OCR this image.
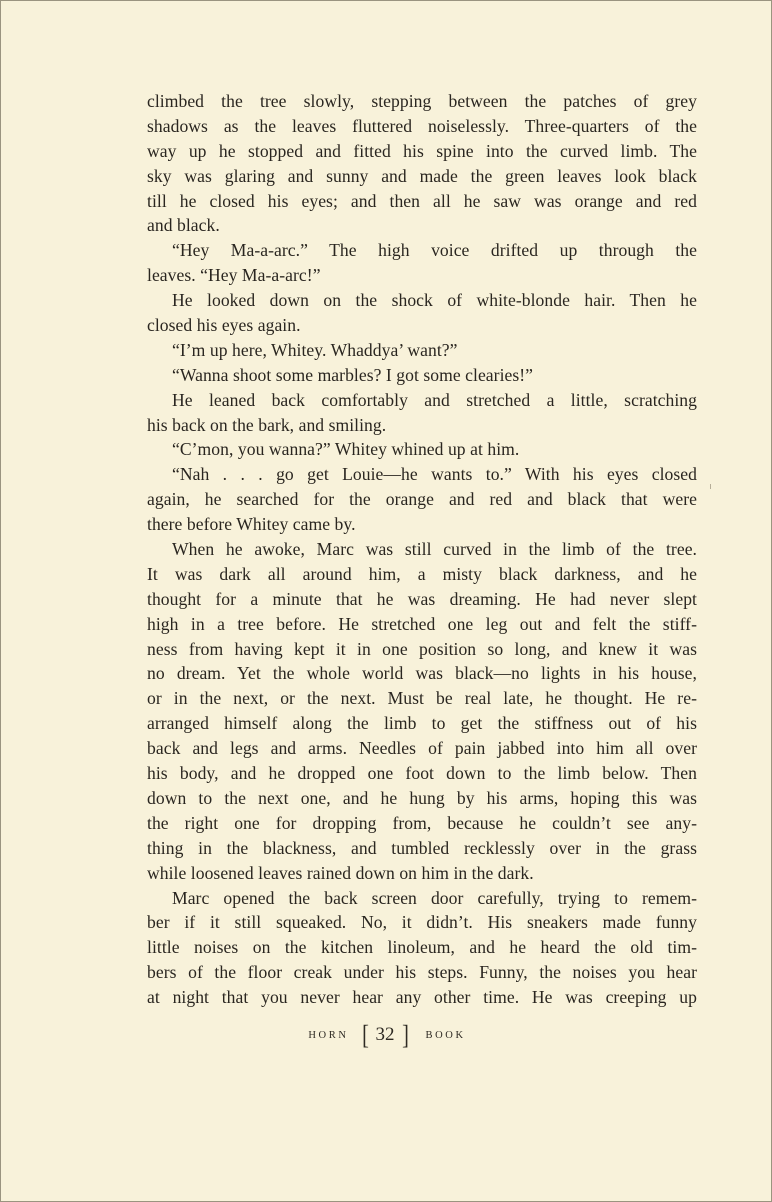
climbed the tree slowly, stepping between the patches of grey
shadows as the leaves fluttered noiselessly. Three-quarters of the
way up he stopped and fitted his spine into the curved limb. The
sky was glaring and sunny and made the green leaves look black
till he closed his eyes; and then all he saw was orange and red
and black.
“Hey Ma-a-arc.” The high voice drifted up through the
leaves. “Hey Ma-a-arc!”
He looked down on the shock of white-blonde hair. Then he
closed his eyes again.
“I’m up here, Whitey. Whaddya’ want?”
“Wanna shoot some marbles? I got some clearies!”
He leaned back comfortably and stretched a little, scratching
his back on the bark, and smiling.
“C’mon, you wanna?” Whitey whined up at him.
“Nah . . . go get Louie—he wants to.” With his eyes closed
again, he searched for the orange and red and black that were
there before Whitey came by.
When he awoke, Marc was still curved in the limb of the tree.
It was dark all around him, a misty black darkness, and he
thought for a minute that he was dreaming. He had never slept
high in a tree before. He stretched one leg out and felt the stiff-
ness from having kept it in one position so long, and knew it was
no dream. Yet the whole world was black—no lights in his house,
or in the next, or the next. Must be real late, he thought. He re-
arranged himself along the limb to get the stiffness out of his
back and legs and arms. Needles of pain jabbed into him all over
his body, and he dropped one foot down to the limb below. Then
down to the next one, and he hung by his arms, hoping this was
the right one for dropping from, because he couldn’t see any-
thing in the blackness, and tumbled recklessly over in the grass
while loosened leaves rained down on him in the dark.
Marc opened the back screen door carefully, trying to remem-
ber if it still squeaked. No, it didn’t. His sneakers made funny
little noises on the kitchen linoleum, and he heard the old tim-
bers of the floor creak under his steps. Funny, the noises you hear
at night that you never hear any other time. He was creeping up
HORN [ 32 ] BOOK
